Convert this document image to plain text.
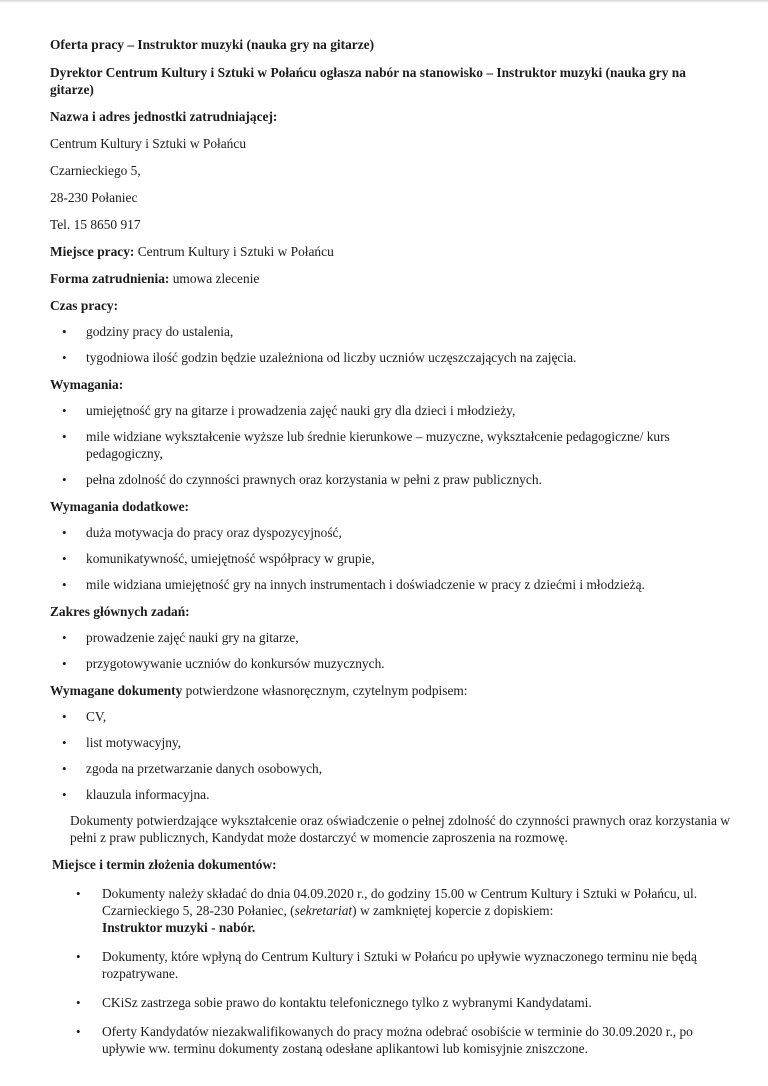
Oferta pracy – Instruktor muzyki (nauka gry na gitarze)

Dyrektor Centrum Kultury i Sztuki w Połańcu ogłasza nabór na stanowisko – Instruktor muzyki (nauka gry na gitarze)

Nazwa i adres jednostki zatrudniającej:

Centrum Kultury i Sztuki w Połańcu

Czarnieckiego 5,

28-230 Połaniec

Tel. 15 8650 917

Miejsce pracy: Centrum Kultury i Sztuki w Połańcu

Forma zatrudnienia: umowa zlecenie

Czas pracy:

• godziny pracy do ustalenia,
• tygodniowa ilość godzin będzie uzależniona od liczby uczniów uczęszczających na zajęcia.

Wymagania:

• umiejętność gry na gitarze i prowadzenia zajęć nauki gry dla dzieci i młodzieży,
• mile widziane wykształcenie wyższe lub średnie kierunkowe – muzyczne, wykształcenie pedagogiczne/ kurs pedagogiczny,
• pełna zdolność do czynności prawnych oraz korzystania w pełni z praw publicznych.

Wymagania dodatkowe:

• duża motywacja do pracy oraz dyspozycyjność,
• komunikatywność, umiejętność współpracy w grupie,
• mile widziana umiejętność gry na innych instrumentach i doświadczenie w pracy z dziećmi i młodzieżą.

Zakres głównych zadań:

• prowadzenie zajęć nauki gry na gitarze,
• przygotowywanie uczniów do konkursów muzycznych.

Wymagane dokumenty potwierdzone własnoręcznym, czytelnym podpisem:

• CV,
• list motywacyjny,
• zgoda na przetwarzanie danych osobowych,
• klauzula informacyjna.

Dokumenty potwierdzające wykształcenie oraz oświadczenie o pełnej zdolność do czynności prawnych oraz korzystania w pełni z praw publicznych, Kandydat może dostarczyć w momencie zaproszenia na rozmowę.

Miejsce i termin złożenia dokumentów:

• Dokumenty należy składać do dnia 04.09.2020 r., do godziny 15.00 w Centrum Kultury i Sztuki w Połańcu, ul. Czarnieckiego 5, 28-230 Połaniec, (sekretariat) w zamkniętej kopercie z dopiskiem:
Instruktor muzyki - nabór.
• Dokumenty, które wpłyną do Centrum Kultury i Sztuki w Połańcu po upływie wyznaczonego terminu nie będą rozpatrywane.
• CKiSz zastrzega sobie prawo do kontaktu telefonicznego tylko z wybranymi Kandydatami.
• Oferty Kandydatów niezakwalifikowanych do pracy można odebrać osobiście w terminie do 30.09.2020 r., po upływie ww. terminu dokumenty zostaną odesłane aplikantowi lub komisyjnie zniszczone.
